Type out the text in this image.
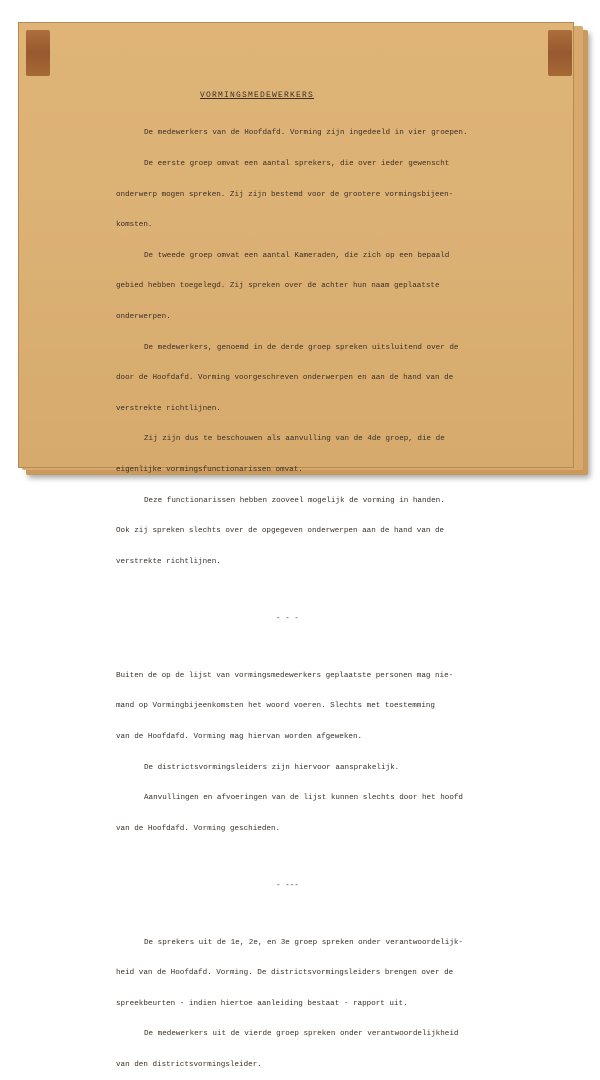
VORMINGSMEDEWERKERS

De medewerkers van de Hoofdafd. Vorming zijn ingedeeld in vier groepen.

De eerste groep omvat een aantal sprekers, die over ieder gewenscht

onderwerp mogen spreken. Zij zijn bestemd voor de grootere vormingsbijeen-

komsten.

De tweede groep omvat een aantal Kameraden, die zich op een bepaald

gebied hebben toegelegd. Zij spreken over de achter hun naam geplaatste

onderwerpen.

De medewerkers, genoemd in de derde groep spreken uitsluitend over de

door de Hoofdafd. Vorming voorgeschreven onderwerpen en aan de hand van de

verstrekte richtlijnen.

Zij zijn dus te beschouwen als aanvulling van de 4de groep, die de

eigenlijke vormingsfunctionarissen omvat.

Deze functionarissen hebben zooveel mogelijk de vorming in handen.

Ook zij spreken slechts over de opgegeven onderwerpen aan de hand van de

verstrekte richtlijnen.

- - -

Buiten de op de lijst van vormingsmedewerkers geplaatste personen mag nie-

mand op Vormingbijeenkomsten het woord voeren. Slechts met toestemming

van de Hoofdafd. Vorming mag hiervan worden afgeweken.

De districtsvormingsleiders zijn hiervoor aansprakelijk.

Aanvullingen en afvoeringen van de lijst kunnen slechts door het hoofd

van de Hoofdafd. Vorming geschieden.

- ---

De sprekers uit de 1e, 2e, en 3e groep spreken onder verantwoordelijk-

heid van de Hoofdafd. Vorming. De districtsvormingsleiders brengen over de

spreekbeurten - indien hiertoe aanleiding bestaat - rapport uit.

De medewerkers uit de vierde groep spreken onder verantwoordelijkheid

van den districtsvormingsleider.
